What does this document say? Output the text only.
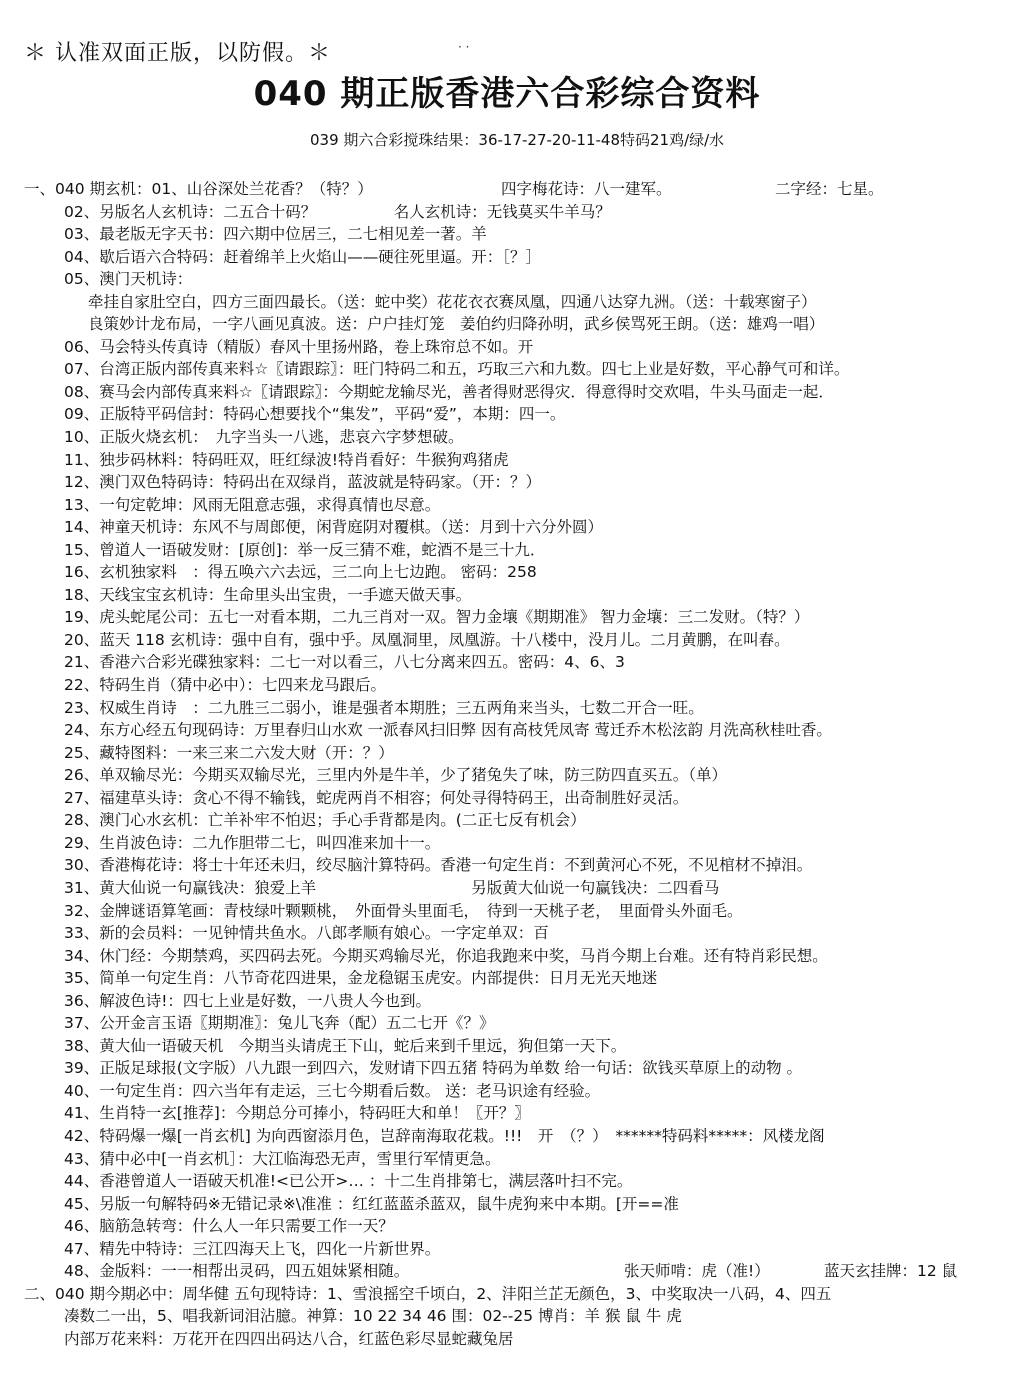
＊ 认准双面正版，以防假。＊	· ·
040 期正版香港六合彩综合资料
039 期六合彩搅珠结果：36-17-27-20-11-48特码21鸡/绿/水
一、040 期玄机：01、山谷深处兰花香？（特？）	四字梅花诗：八一建军。	二字经：七星。
02、另版名人玄机诗：二五合十码？　　　　　名人玄机诗：无钱莫买牛羊马？
03、最老版无字天书：四六期中位居三，二七相见差一著。羊
04、歇后语六合特码：赶着绵羊上火焰山——硬往死里逼。开：［？］
05、澳门天机诗：
牵挂自家肚空白，四方三面四最长。（送：蛇中奖）花花衣衣赛凤凰，四通八达穿九洲。（送：十载寒窗子）
良策妙计龙布局，一字八画见真波。送：户户挂灯笼　姜伯约归降孙明，武乡侯骂死王朗。（送：雄鸡一唱）
06、马会特头传真诗（精版）春风十里扬州路，卷上珠帘总不如。开
07、台湾正版内部传真来料☆〖请跟踪〗：旺门特码二和五，巧取三六和九数。四七上业是好数，平心静气可和详。
08、赛马会内部传真来料☆〖请跟踪〗：今期蛇龙输尽光，善者得财恶得灾．得意得时交欢唱，牛头马面走一起．
09、正版特平码信封：特码心想要找个“集发”，平码“爱”，本期：四一。
10、正版火烧玄机：　九字当头一八逃，悲哀六字梦想破。
11、独步码林料：特码旺双，旺红绿波!特肖看好：牛猴狗鸡猪虎
12、澳门双色特码诗：特码出在双绿肖，蓝波就是特码家。（开：？）
13、一句定乾坤：风雨无阻意志强，求得真情也尽意。
14、神童天机诗：东风不与周郎便，闲背庭阴对覆棋。（送：月到十六分外圆）
15、曾道人一语破发财：[原创]：举一反三猜不难，蛇酒不是三十九．
16、玄机独家料　：得五唤六六去远，三二向上七边跑。 密码：258
18、天线宝宝玄机诗：生命里头出宝贵，一手遮天做天事。
19、虎头蛇尾公司：五七一对看本期，二九三肖对一双。智力金壤《期期准》 智力金壤：三二发财。（特？）
20、蓝天 118 玄机诗：强中自有，强中乎。凤凰洞里，凤凰游。十八楼中，没月儿。二月黄鹏，在叫春。
21、香港六合彩光碟独家料：二七一对以看三，八七分离来四五。密码：4、6、3
22、特码生肖（猜中必中）：七四来龙马跟后。
23、权威生肖诗　：二九胜三二弱小，谁是强者本期胜；三五两角来当头，七数二开合一旺。
24、东方心经五句现码诗：万里春归山水欢 一派春风扫旧弊 因有高枝凭凤寄 莺迁乔木松泫韵 月洗高秋桂吐香。
25、藏特图料：一来三来二六发大财（开：？）
26、单双输尽光：今期买双输尽光，三里内外是牛羊，少了猪兔失了味，防三防四直买五。（单）
27、福建草头诗：贪心不得不输钱，蛇虎两肖不相容；何处寻得特码王，出奇制胜好灵活。
28、澳门心水玄机：亡羊补牢不怕迟；手心手背都是肉。(二正七反有机会）
29、生肖波色诗：二九作胆带二七，叫四准来加十一。
30、香港梅花诗：将士十年还未归，绞尽脑汁算特码。香港一句定生肖：不到黄河心不死，不见棺材不掉泪。
31、黄大仙说一句赢钱决：狼爱上羊　　　　　　　　　　另版黄大仙说一句赢钱决：二四看马
32、金牌谜语算笔画：青枝绿叶颗颗桃，　外面骨头里面毛，　待到一天桃子老，　里面骨头外面毛。
33、新的会员料：一见钟情共鱼水。八郎孝顺有娘心。一字定单双：百
34、休门经：今期禁鸡，买四码去死。今期买鸡输尽光，你追我跑来中奖，马肖今期上台难。还有特肖彩民想。
35、简单一句定生肖：八节奇花四进果，金龙稳锯玉虎安。内部提供：日月无光天地迷
36、解波色诗!：四七上业是好数，一八贵人今也到。
37、公开金言玉语〖期期准〗：兔儿飞奔（配）五二七开《？》
38、黄大仙一语破天机　今期当头请虎王下山，蛇后来到千里远，狗但第一天下。
39、正版足球报(文字版）八九跟一到四六，发财请下四五猪 特码为单数 给一句话：欲钱买草原上的动物 。
40、一句定生肖：四六当年有走运，三七今期看后数。 送：老马识途有经验。
41、生肖特一玄[推荐]：今期总分可捧小，特码旺大和单！〖开？〗
42、特码爆一爆[一肖玄机] 为向西窗添月色，岂辞南海取花栽。!!!　开　（？）　******特码料*****：风楼龙阁
43、猜中必中[一肖玄机］：大江临海恐无声，雪里行军情更急。
44、香港曾道人一语破天机准!<已公开>… ：十二生肖排第七，满层落叶扫不完。
45、另版一句解特码※无错记录※\准准 ：红红蓝蓝杀蓝双，鼠牛虎狗来中本期。[开==准
46、脑筋急转弯：什么人一年只需要工作一天？
47、精先中特诗：三江四海天上飞，四化一片新世界。
48、金版料：一一相帮出灵码，四五姐妹紧相随。	张天师啃：虎（准!）	蓝天玄挂牌：12 鼠
二、040 期今期必中：周华健 五句现特诗：1、雪浪摇空千顷白，2、沣阳兰芷无颜色，3、中奖取决一八码，4、四五
凑数二一出，5、唱我新词泪沾臆。神算：10 22 34 46 围：02--25 博肖：羊 猴 鼠 牛 虎
内部万花来料：万花开在四四出码达八合，红蓝色彩尽显蛇藏兔居
